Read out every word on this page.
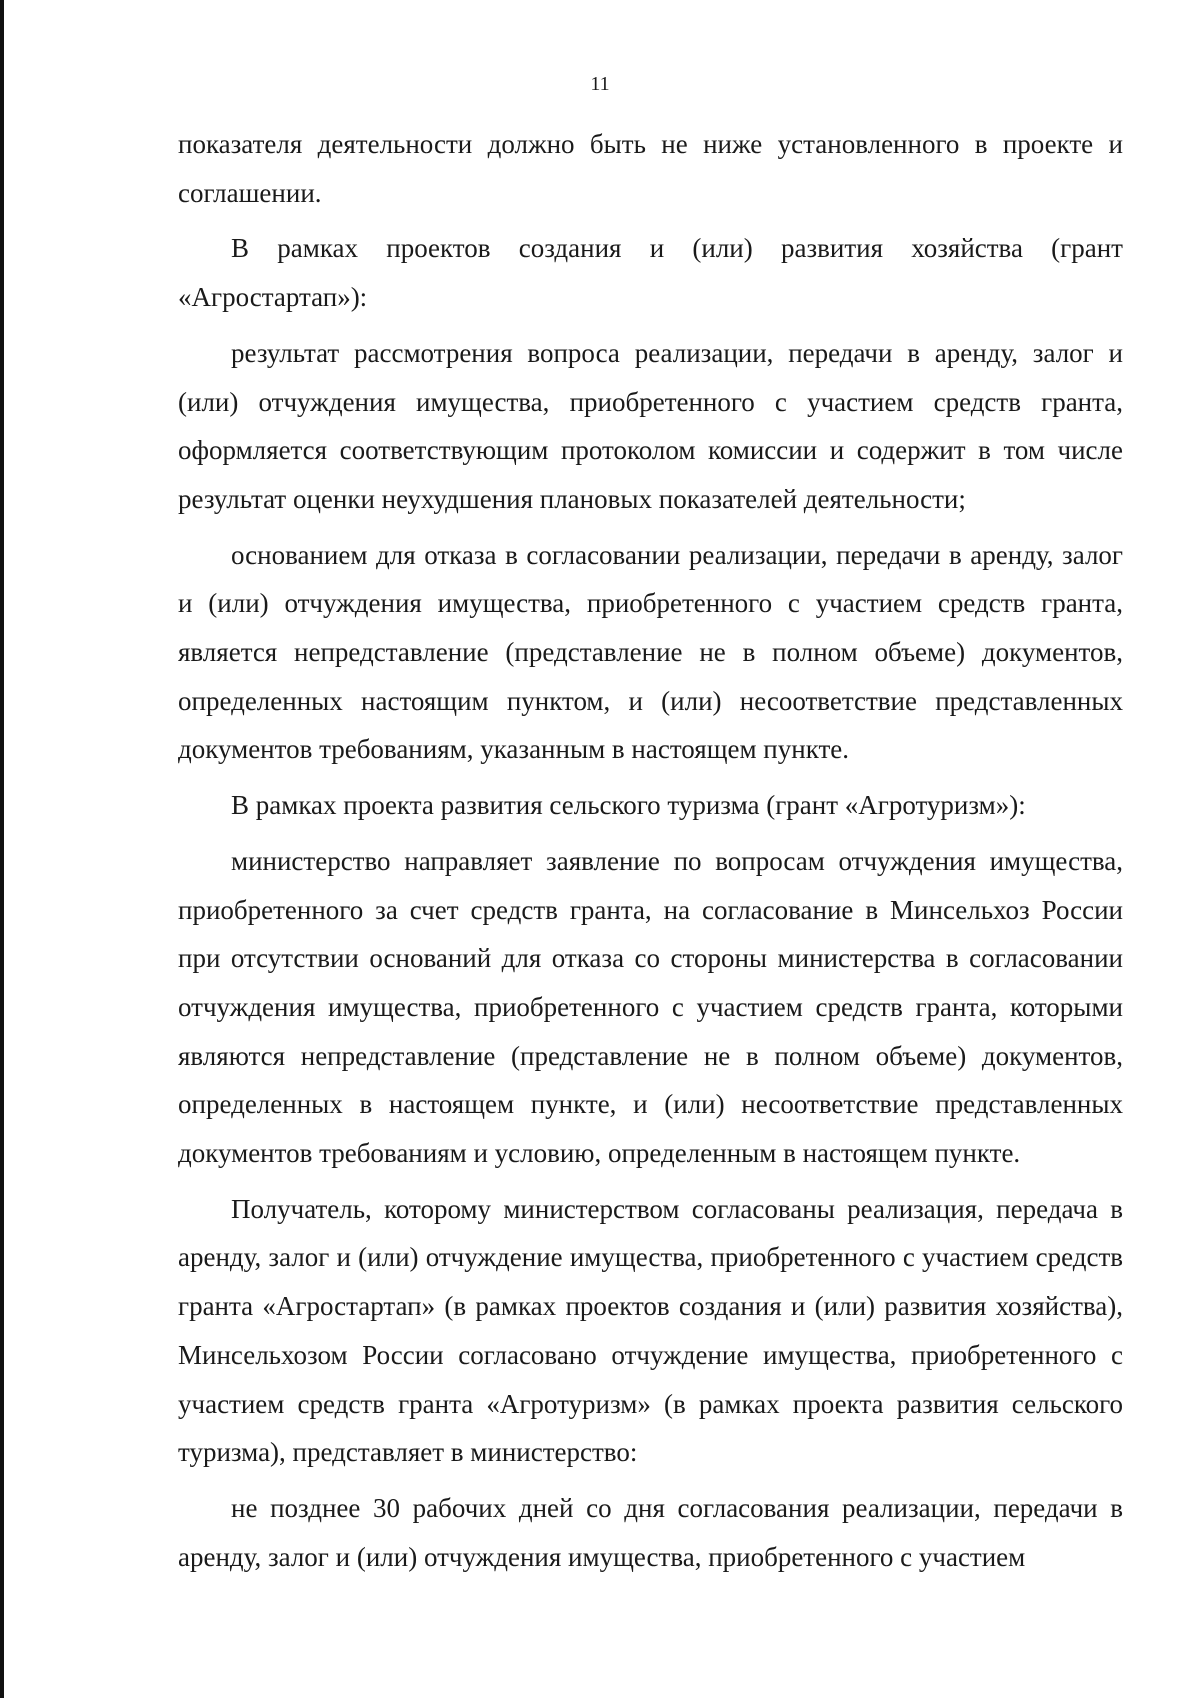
11

показателя деятельности должно быть не ниже установленного в проекте и соглашении.

В рамках проектов создания и (или) развития хозяйства (грант «Агростартап»):

результат рассмотрения вопроса реализации, передачи в аренду, залог и (или) отчуждения имущества, приобретенного с участием средств гранта, оформляется соответствующим протоколом комиссии и содержит в том числе результат оценки неухудшения плановых показателей деятельности;

основанием для отказа в согласовании реализации, передачи в аренду, залог и (или) отчуждения имущества, приобретенного с участием средств гранта, является непредставление (представление не в полном объеме) документов, определенных настоящим пунктом, и (или) несоответствие представленных документов требованиям, указанным в настоящем пункте.

В рамках проекта развития сельского туризма (грант «Агротуризм»):

министерство направляет заявление по вопросам отчуждения имущества, приобретенного за счет средств гранта, на согласование в Минсельхоз России при отсутствии оснований для отказа со стороны министерства в согласовании отчуждения имущества, приобретенного с участием средств гранта, которыми являются непредставление (представление не в полном объеме) документов, определенных в настоящем пункте, и (или) несоответствие представленных документов требованиям и условию, определенным в настоящем пункте.

Получатель, которому министерством согласованы реализация, передача в аренду, залог и (или) отчуждение имущества, приобретенного с участием средств гранта «Агростартап» (в рамках проектов создания и (или) развития хозяйства), Минсельхозом России согласовано отчуждение имущества, приобретенного с участием средств гранта «Агротуризм» (в рамках проекта развития сельского туризма), представляет в министерство:

не позднее 30 рабочих дней со дня согласования реализации, передачи в аренду, залог и (или) отчуждения имущества, приобретенного с участием
